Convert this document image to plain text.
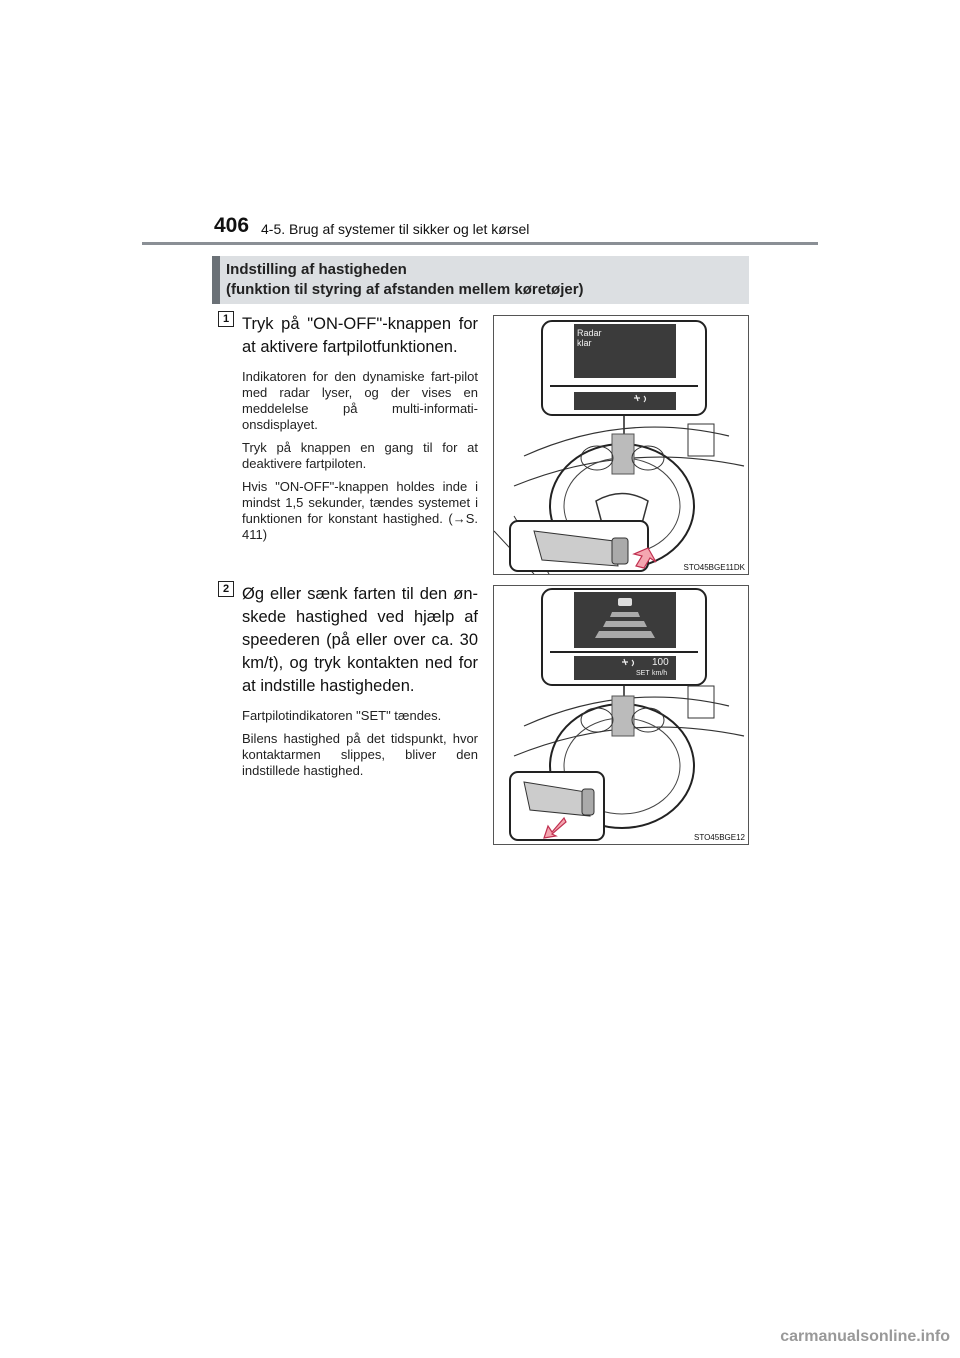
406 4-5. Brug af systemer til sikker og let kørsel
Indstilling af hastigheden
(funktion til styring af afstanden mellem køretøjer)
1 Tryk på "ON-OFF"-knappen for at aktivere fartpilotfunktionen.

Indikatoren for den dynamiske fart-pilot med radar lyser, og der vises en meddelelse på multi-informati-onsdisplayet.

Tryk på knappen en gang til for at deaktivere fartpiloten.

Hvis "ON-OFF"-knappen holdes inde i mindst 1,5 sekunder, tændes systemet i funktionen for konstant hastighed. (→S. 411)

Radar
klar
STO45BGE11DK
2 Øg eller sænk farten til den øn-skede hastighed ved hjælp af speederen (på eller over ca. 30 km/t), og tryk kontakten ned for at indstille hastigheden.

Fartpilotindikatoren "SET" tændes.

Bilens hastighed på det tidspunkt, hvor kontaktarmen slippes, bliver den indstillede hastighed.

100
SET km/h
STO45BGE12
carmanualsonline.info
